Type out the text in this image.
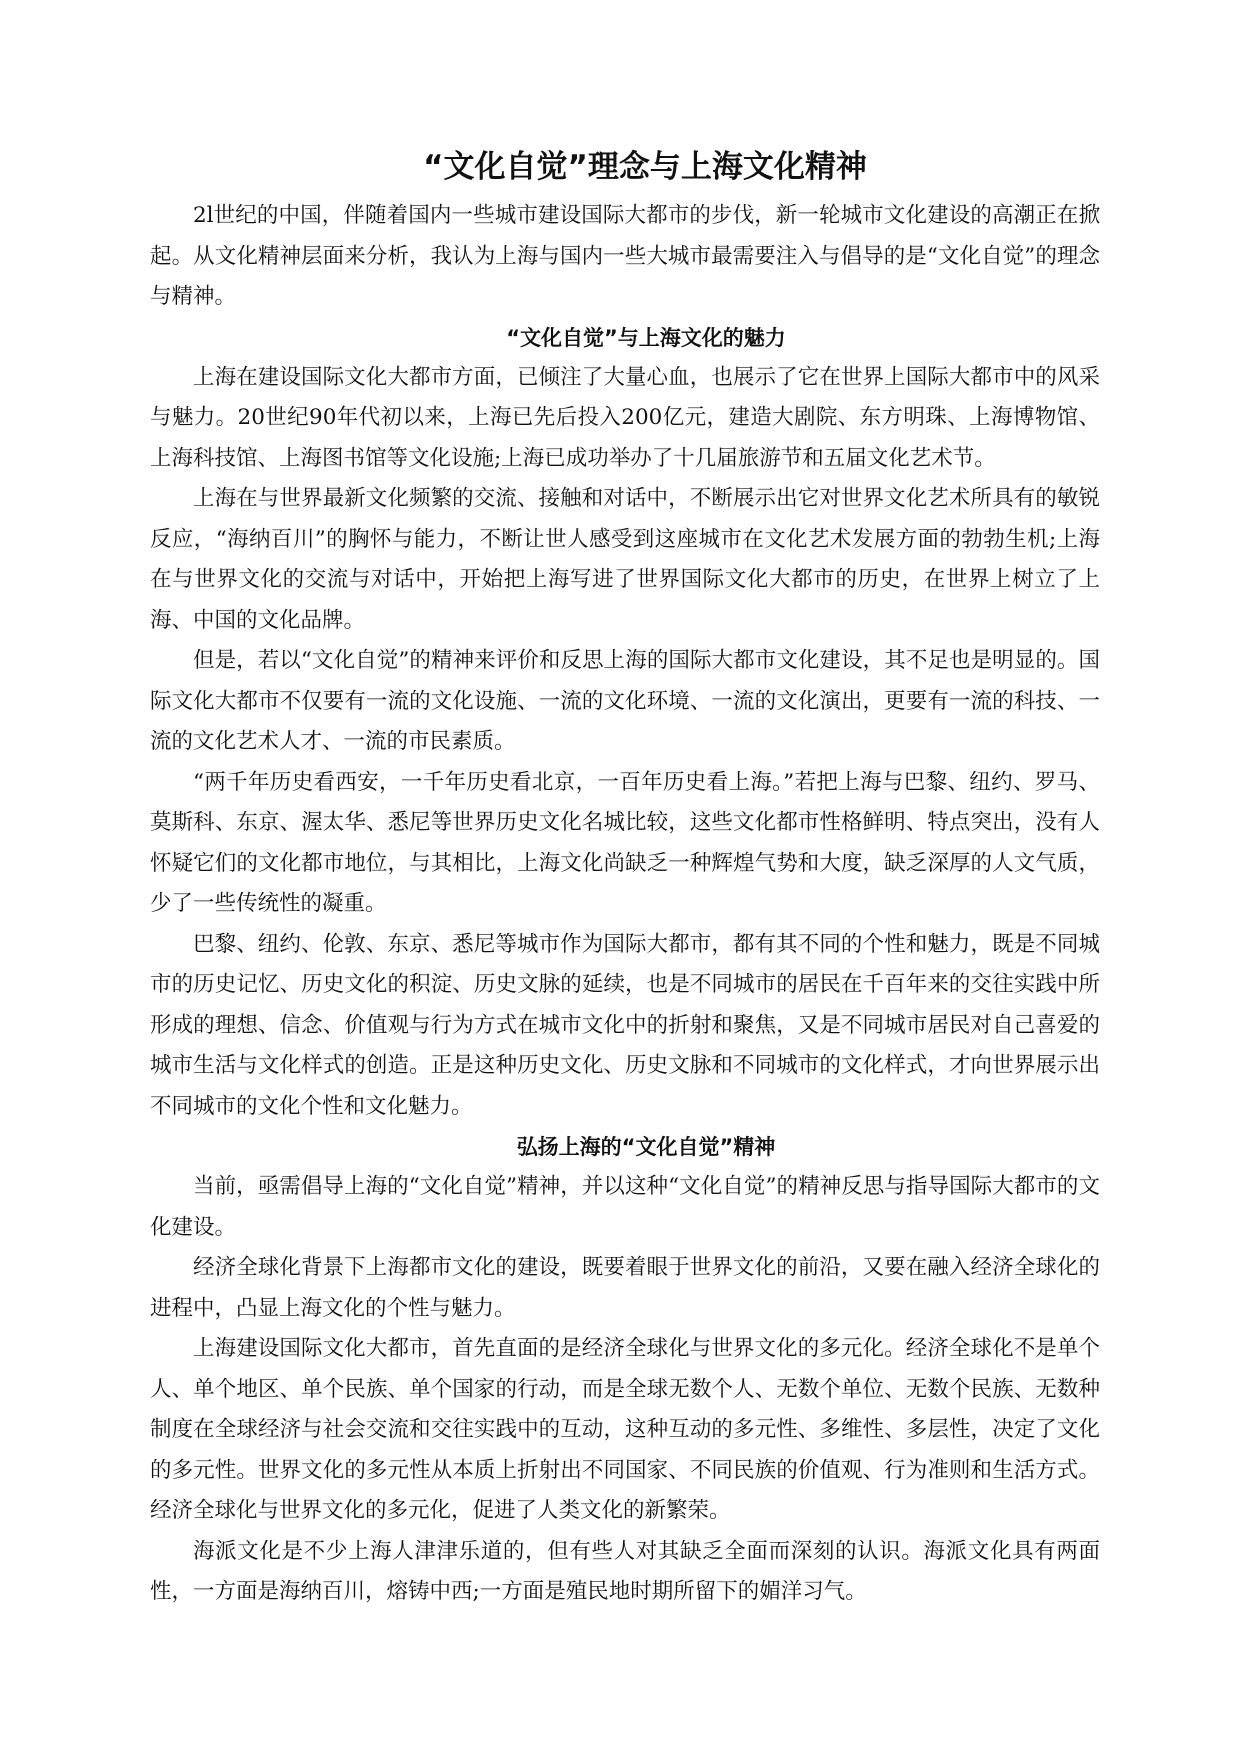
“文化自觉”理念与上海文化精神

2l世纪的中国，伴随着国内一些城市建设国际大都市的步伐，新一轮城市文化建设的高潮正在掀起。从文化精神层面来分析，我认为上海与国内一些大城市最需要注入与倡导的是“文化自觉”的理念与精神。

“文化自觉”与上海文化的魅力

上海在建设国际文化大都市方面，已倾注了大量心血，也展示了它在世界上国际大都市中的风采与魅力。20世纪90年代初以来，上海已先后投入200亿元，建造大剧院、东方明珠、上海博物馆、上海科技馆、上海图书馆等文化设施;上海已成功举办了十几届旅游节和五届文化艺术节。

上海在与世界最新文化频繁的交流、接触和对话中，不断展示出它对世界文化艺术所具有的敏锐反应，“海纳百川”的胸怀与能力，不断让世人感受到这座城市在文化艺术发展方面的勃勃生机;上海在与世界文化的交流与对话中，开始把上海写进了世界国际文化大都市的历史，在世界上树立了上海、中国的文化品牌。

但是，若以“文化自觉”的精神来评价和反思上海的国际大都市文化建设，其不足也是明显的。国际文化大都市不仅要有一流的文化设施、一流的文化环境、一流的文化演出，更要有一流的科技、一流的文化艺术人才、一流的市民素质。

“两千年历史看西安，一千年历史看北京，一百年历史看上海。”若把上海与巴黎、纽约、罗马、莫斯科、东京、渥太华、悉尼等世界历史文化名城比较，这些文化都市性格鲜明、特点突出，没有人怀疑它们的文化都市地位，与其相比，上海文化尚缺乏一种辉煌气势和大度，缺乏深厚的人文气质，少了一些传统性的凝重。

巴黎、纽约、伦敦、东京、悉尼等城市作为国际大都市，都有其不同的个性和魅力，既是不同城市的历史记忆、历史文化的积淀、历史文脉的延续，也是不同城市的居民在千百年来的交往实践中所形成的理想、信念、价值观与行为方式在城市文化中的折射和聚焦，又是不同城市居民对自己喜爱的城市生活与文化样式的创造。正是这种历史文化、历史文脉和不同城市的文化样式，才向世界展示出不同城市的文化个性和文化魅力。

弘扬上海的“文化自觉”精神

当前，亟需倡导上海的“文化自觉”精神，并以这种“文化自觉”的精神反思与指导国际大都市的文化建设。

经济全球化背景下上海都市文化的建设，既要着眼于世界文化的前沿，又要在融入经济全球化的进程中，凸显上海文化的个性与魅力。

上海建设国际文化大都市，首先直面的是经济全球化与世界文化的多元化。经济全球化不是单个人、单个地区、单个民族、单个国家的行动，而是全球无数个人、无数个单位、无数个民族、无数种制度在全球经济与社会交流和交往实践中的互动，这种互动的多元性、多维性、多层性，决定了文化的多元性。世界文化的多元性从本质上折射出不同国家、不同民族的价值观、行为准则和生活方式。经济全球化与世界文化的多元化，促进了人类文化的新繁荣。

海派文化是不少上海人津津乐道的，但有些人对其缺乏全面而深刻的认识。海派文化具有两面性，一方面是海纳百川，熔铸中西;一方面是殖民地时期所留下的媚洋习气。
